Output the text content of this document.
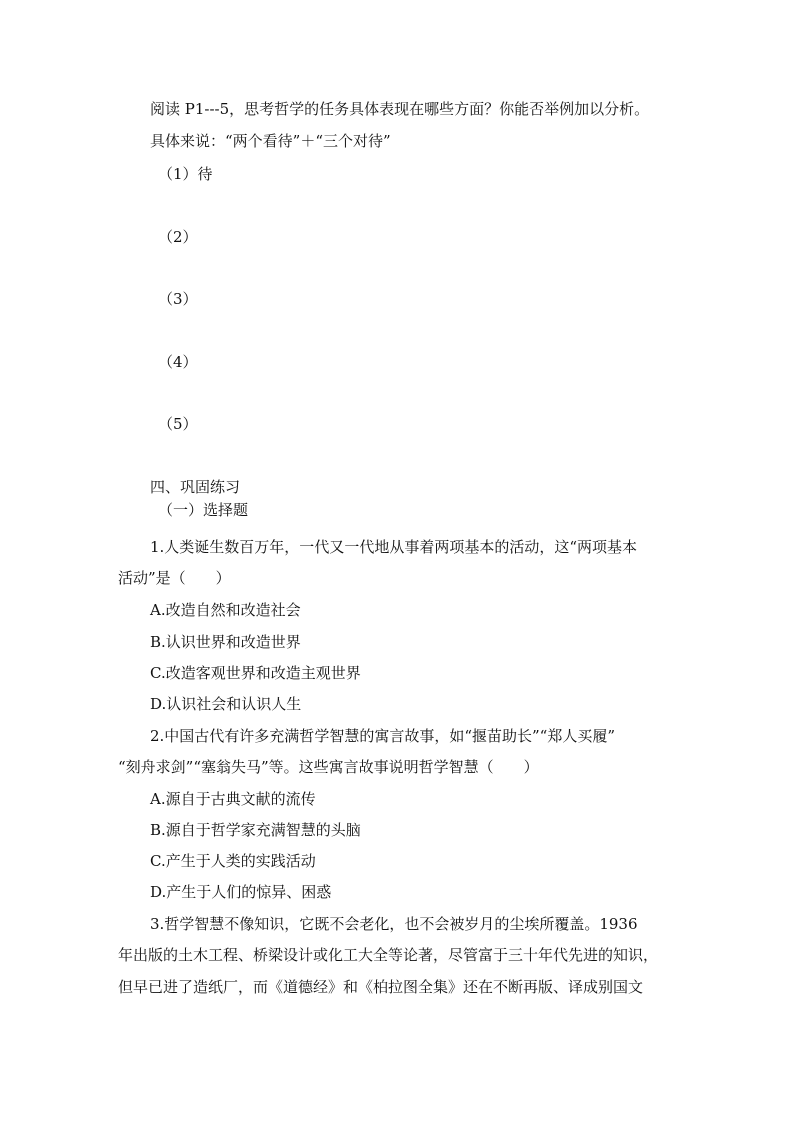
阅读 P1---5，思考哲学的任务具体表现在哪些方面？你能否举例加以分析。
具体来说：“两个看待”＋“三个对待”
（1）待
（2）
（3）
（4）
（5）
四、巩固练习
（一）选择题
1.人类诞生数百万年，一代又一代地从事着两项基本的活动，这“两项基本
活动”是（　　）
A.改造自然和改造社会
B.认识世界和改造世界
C.改造客观世界和改造主观世界
D.认识社会和认识人生
2.中国古代有许多充满哲学智慧的寓言故事，如“揠苗助长”“郑人买履”
“刻舟求剑”“塞翁失马”等。这些寓言故事说明哲学智慧（　　）
A.源自于古典文献的流传
B.源自于哲学家充满智慧的头脑
C.产生于人类的实践活动
D.产生于人们的惊异、困惑
3.哲学智慧不像知识，它既不会老化，也不会被岁月的尘埃所覆盖。1936
年出版的土木工程、桥梁设计或化工大全等论著，尽管富于三十年代先进的知识，
但早已进了造纸厂，而《道德经》和《柏拉图全集》还在不断再版、译成别国文
